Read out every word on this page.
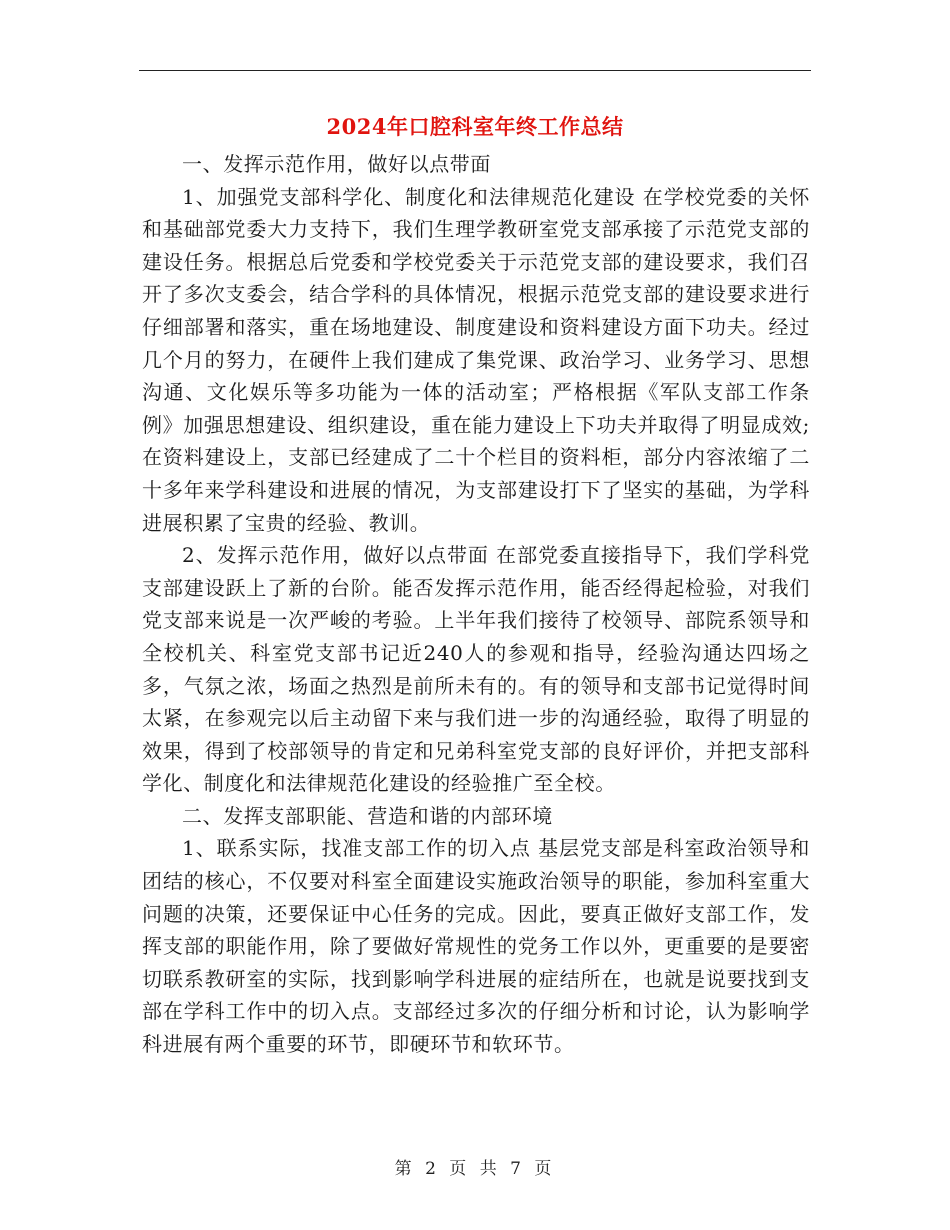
2024年口腔科室年终工作总结

一、发挥示范作用，做好以点带面

1、加强党支部科学化、制度化和法律规范化建设 在学校党委的关怀和基础部党委大力支持下，我们生理学教研室党支部承接了示范党支部的建设任务。根据总后党委和学校党委关于示范党支部的建设要求，我们召开了多次支委会，结合学科的具体情况，根据示范党支部的建设要求进行仔细部署和落实，重在场地建设、制度建设和资料建设方面下功夫。经过几个月的努力，在硬件上我们建成了集党课、政治学习、业务学习、思想沟通、文化娱乐等多功能为一体的活动室；严格根据《军队支部工作条例》加强思想建设、组织建设，重在能力建设上下功夫并取得了明显成效;在资料建设上，支部已经建成了二十个栏目的资料柜，部分内容浓缩了二十多年来学科建设和进展的情况，为支部建设打下了坚实的基础，为学科进展积累了宝贵的经验、教训。

2、发挥示范作用，做好以点带面 在部党委直接指导下，我们学科党支部建设跃上了新的台阶。能否发挥示范作用，能否经得起检验，对我们党支部来说是一次严峻的考验。上半年我们接待了校领导、部院系领导和全校机关、科室党支部书记近240人的参观和指导，经验沟通达四场之多，气氛之浓，场面之热烈是前所未有的。有的领导和支部书记觉得时间太紧，在参观完以后主动留下来与我们进一步的沟通经验，取得了明显的效果，得到了校部领导的肯定和兄弟科室党支部的良好评价，并把支部科学化、制度化和法律规范化建设的经验推广至全校。

二、发挥支部职能、营造和谐的内部环境

1、联系实际，找准支部工作的切入点 基层党支部是科室政治领导和团结的核心，不仅要对科室全面建设实施政治领导的职能，参加科室重大问题的决策，还要保证中心任务的完成。因此，要真正做好支部工作，发挥支部的职能作用，除了要做好常规性的党务工作以外，更重要的是要密切联系教研室的实际，找到影响学科进展的症结所在，也就是说要找到支部在学科工作中的切入点。支部经过多次的仔细分析和讨论，认为影响学科进展有两个重要的环节，即硬环节和软环节。

第 2 页 共 7 页
